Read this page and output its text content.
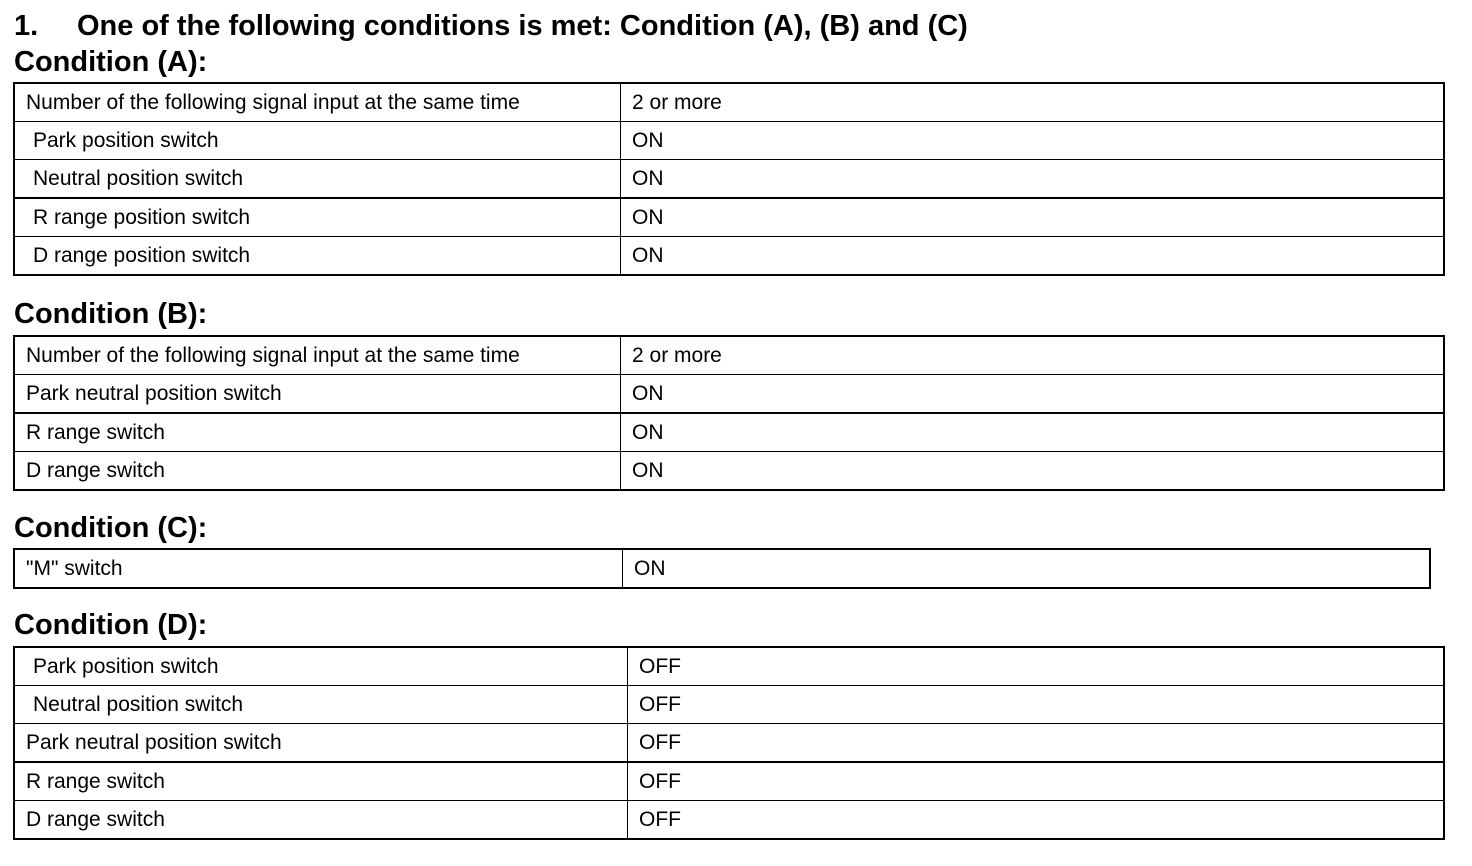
1. One of the following conditions is met: Condition (A), (B) and (C)
Condition (A):
Number of the following signal input at the same time	2 or more
Park position switch	ON
Neutral position switch	ON
R range position switch	ON
D range position switch	ON
Condition (B):
Number of the following signal input at the same time	2 or more
Park neutral position switch	ON
R range switch	ON
D range switch	ON
Condition (C):
"M" switch	ON
Condition (D):
Park position switch	OFF
Neutral position switch	OFF
Park neutral position switch	OFF
R range switch	OFF
D range switch	OFF
